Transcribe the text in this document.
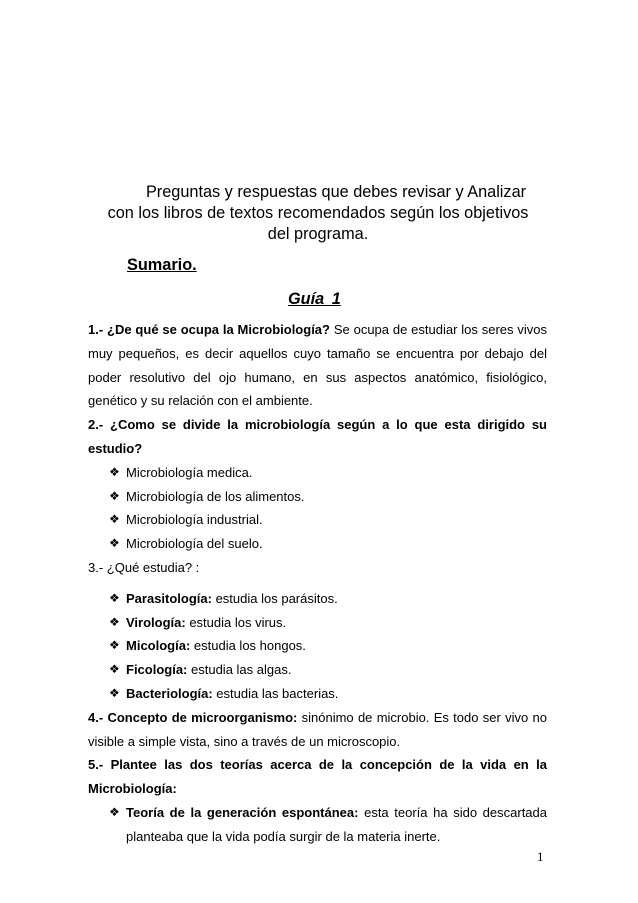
Preguntas y respuestas que debes revisar y Analizar
con los libros de textos recomendados según los objetivos
del programa.
Sumario.
Guía 1
1.- ¿De qué se ocupa la Microbiología? Se ocupa de estudiar los seres vivos muy pequeños, es decir aquellos cuyo tamaño se encuentra por debajo del poder resolutivo del ojo humano, en sus aspectos anatómico, fisiológico, genético y su relación con el ambiente.
2.- ¿Como se divide la microbiología según a lo que esta dirigido su estudio?
❖ Microbiología medica.
❖ Microbiología de los alimentos.
❖ Microbiología industrial.
❖ Microbiología del suelo.
3.- ¿Qué estudia? :
❖ Parasitología: estudia los parásitos.
❖ Virología: estudia los virus.
❖ Micología: estudia los hongos.
❖ Ficología: estudia las algas.
❖ Bacteriología: estudia las bacterias.
4.- Concepto de microorganismo: sinónimo de microbio. Es todo ser vivo no visible a simple vista, sino a través de un microscopio.
5.- Plantee las dos teorías acerca de la concepción de la vida en la Microbiología:
❖ Teoría de la generación espontánea: esta teoría ha sido descartada planteaba que la vida podía surgir de la materia inerte.
1
